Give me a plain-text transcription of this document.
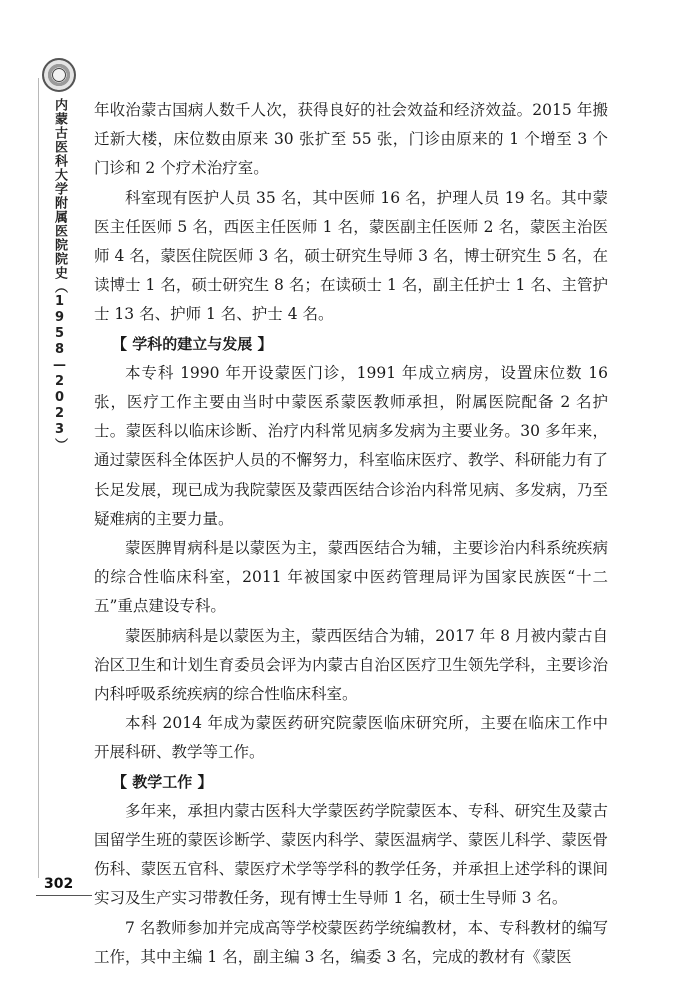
内蒙古医科大学附属医院院史（1958—2023）
302

年收治蒙古国病人数千人次，获得良好的社会效益和经济效益。2015 年搬迁新大楼，床位数由原来 30 张扩至 55 张，门诊由原来的 1 个增至 3 个门诊和 2 个疗术治疗室。

科室现有医护人员 35 名，其中医师 16 名，护理人员 19 名。其中蒙医主任医师 5 名，西医主任医师 1 名，蒙医副主任医师 2 名，蒙医主治医师 4 名，蒙医住院医师 3 名，硕士研究生导师 3 名，博士研究生 5 名，在读博士 1 名，硕士研究生 8 名；在读硕士 1 名，副主任护士 1 名、主管护士 13 名、护师 1 名、护士 4 名。

【 学科的建立与发展 】

本专科 1990 年开设蒙医门诊，1991 年成立病房，设置床位数 16 张，医疗工作主要由当时中蒙医系蒙医教师承担，附属医院配备 2 名护士。蒙医科以临床诊断、治疗内科常见病多发病为主要业务。30 多年来，通过蒙医科全体医护人员的不懈努力，科室临床医疗、教学、科研能力有了长足发展，现已成为我院蒙医及蒙西医结合诊治内科常见病、多发病，乃至疑难病的主要力量。

蒙医脾胃病科是以蒙医为主，蒙西医结合为辅，主要诊治内科系统疾病的综合性临床科室，2011 年被国家中医药管理局评为国家民族医“十二五”重点建设专科。

蒙医肺病科是以蒙医为主，蒙西医结合为辅，2017 年 8 月被内蒙古自治区卫生和计划生育委员会评为内蒙古自治区医疗卫生领先学科，主要诊治内科呼吸系统疾病的综合性临床科室。

本科 2014 年成为蒙医药研究院蒙医临床研究所，主要在临床工作中开展科研、教学等工作。

【 教学工作 】

多年来，承担内蒙古医科大学蒙医药学院蒙医本、专科、研究生及蒙古国留学生班的蒙医诊断学、蒙医内科学、蒙医温病学、蒙医儿科学、蒙医骨伤科、蒙医五官科、蒙医疗术学等学科的教学任务，并承担上述学科的课间实习及生产实习带教任务，现有博士生导师 1 名，硕士生导师 3 名。

7 名教师参加并完成高等学校蒙医药学统编教材，本、专科教材的编写工作，其中主编 1 名，副主编 3 名，编委 3 名，完成的教材有《蒙医
